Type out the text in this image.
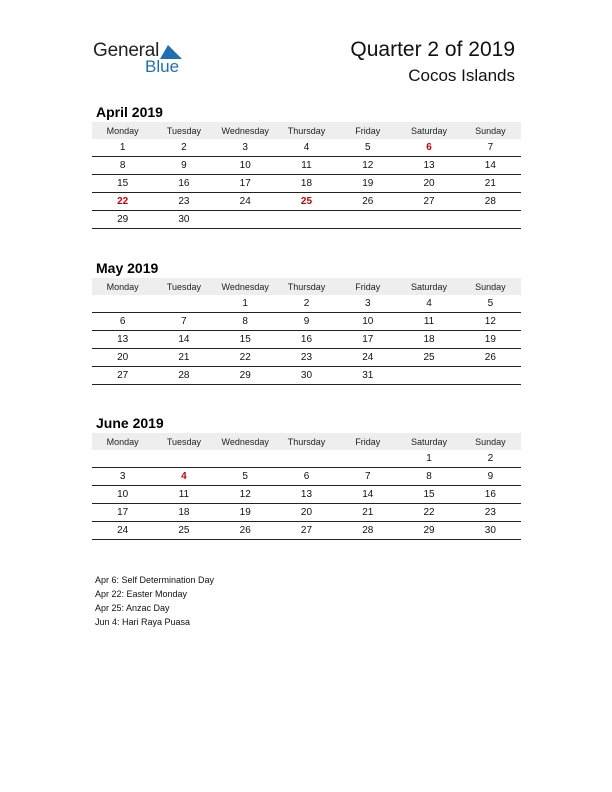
General
Blue
Quarter 2 of 2019
Cocos Islands
April 2019
Monday	Tuesday	Wednesday	Thursday	Friday	Saturday	Sunday
1	2	3	4	5	6	7
8	9	10	11	12	13	14
15	16	17	18	19	20	21
22	23	24	25	26	27	28
29	30					
May 2019
Monday	Tuesday	Wednesday	Thursday	Friday	Saturday	Sunday
		1	2	3	4	5
6	7	8	9	10	11	12
13	14	15	16	17	18	19
20	21	22	23	24	25	26
27	28	29	30	31		
June 2019
Monday	Tuesday	Wednesday	Thursday	Friday	Saturday	Sunday
					1	2
3	4	5	6	7	8	9
10	11	12	13	14	15	16
17	18	19	20	21	22	23
24	25	26	27	28	29	30
Apr 6: Self Determination Day
Apr 22: Easter Monday
Apr 25: Anzac Day
Jun 4: Hari Raya Puasa
